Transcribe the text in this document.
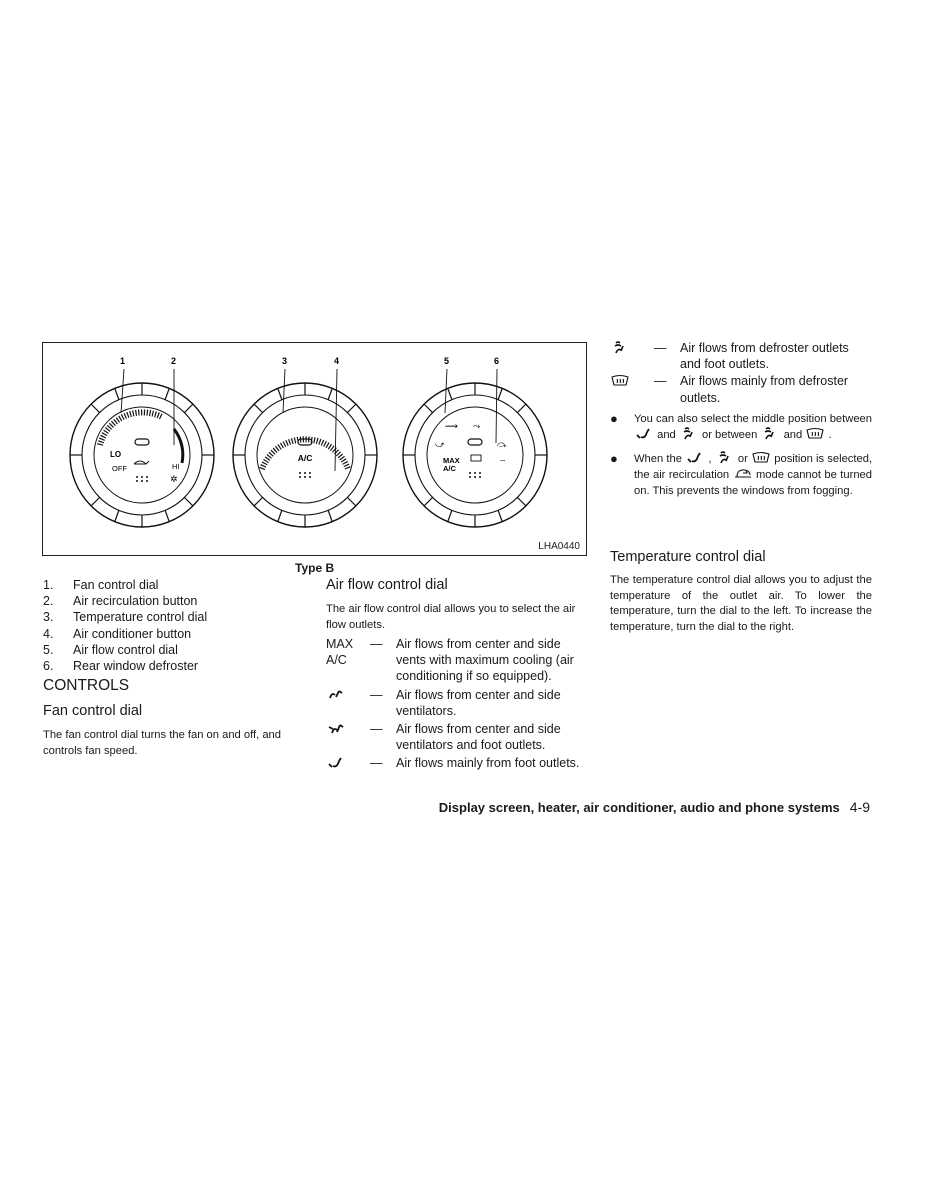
LO
OFF	HI
✲
A/C
⟿ ⤳
⤻	⤼
MAX
A/C
⌔
1	2	3	4	5	6
LHA0440
Type B
1.	Fan control dial
2.	Air recirculation button
3.	Temperature control dial
4.	Air conditioner button
5.	Air flow control dial
6.	Rear window defroster
CONTROLS
Fan control dial
The fan control dial turns the fan on and off, and controls fan speed.
Air flow control dial
The air flow control dial allows you to select the air flow outlets.
MAX
A/C
—	Air flows from center and side vents with maximum cooling (air conditioning if so equipped).
—	Air flows from center and side ventilators.
—	Air flows from center and side ventilators and foot outlets.
—	Air flows mainly from foot outlets.
—	Air flows from defroster outlets and foot outlets.
—	Air flows mainly from defroster outlets.
●	You can also select the middle position between  and or between and .
●	When the , or position is selected, the air recirculation mode cannot be turned on. This prevents the windows from fogging.
Temperature control dial
The temperature control dial allows you to adjust the temperature of the outlet air. To lower the temperature, turn the dial to the left. To increase the temperature, turn the dial to the right.
Display screen, heater, air conditioner, audio and phone systems 4-9
